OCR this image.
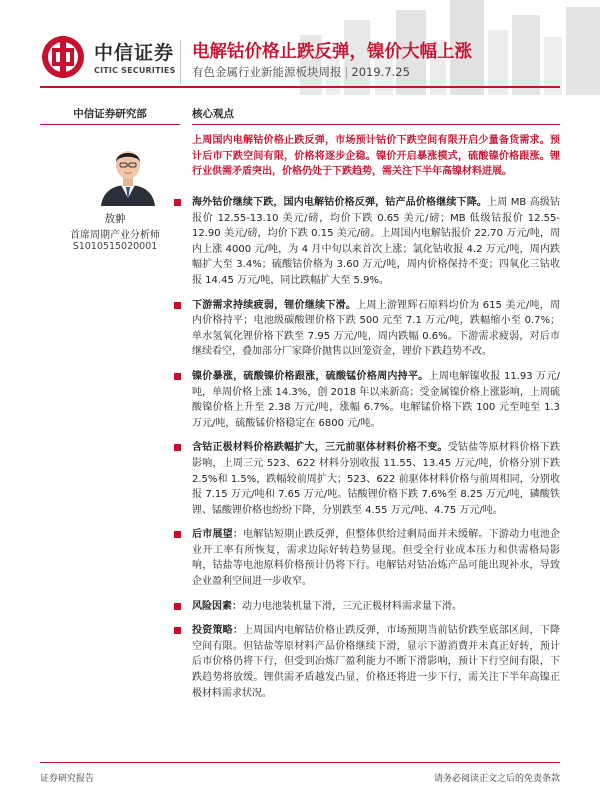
中信证券
CITIC SECURITIES
电解钴价格止跌反弹，镍价大幅上涨
有色金属行业新能源板块周报 | 2019.7.25
中信证券研究部
敖翀
首席周期产业分析师
S1010515020001
核心观点
上周国内电解钴价格止跌反弹，市场预计钴价下跌空间有限开启少量备货需求。预计后市下跌空间有限，价格将逐步企稳。镍价开启暴涨模式，硫酸镍价格跟涨。锂行业供需矛盾突出，价格仍处于下跌趋势，需关注下半年高镍材料进展。
海外钴价继续下跌，国内电解钴价格反弹，钴产品价格继续下降。上周 MB 高级钴报价 12.55-13.10 美元/磅，均价下跌 0.65 美元/磅；MB 低级钴报价 12.55-12.90 美元/磅，均价下跌 0.15 美元/磅。上周国内电解钴报价 22.70 万元/吨，周内上涨 4000 元/吨，为 4 月中旬以来首次上涨；氯化钴收报 4.2 万元/吨，周内跌幅扩大至 3.4%；硫酸钴价格为 3.60 万元/吨，周内价格保持不变；四氧化三钴收报 14.45 万元/吨，同比跌幅扩大至 5.9%。
下游需求持续疲弱，锂价继续下滑。上周上游锂辉石原料均价为 615 美元/吨，周内价格持平；电池级碳酸锂价格下跌 500 元至 7.1 万元/吨，跌幅缩小至 0.7%；单水氢氧化锂价格下跌至 7.95 万元/吨，周内跌幅 0.6%。下游需求疲弱，对后市继续看空，叠加部分厂家降价抛售以回笼资金，锂价下跌趋势不改。
镍价暴涨，硫酸镍价格跟涨，硫酸锰价格周内持平。上周电解镍收报 11.93 万元/吨，单周价格上涨 14.3%，创 2018 年以来新高；受金属镍价格上涨影响，上周硫酸镍价格上升至 2.38 万元/吨，涨幅 6.7%。电解锰价格下跌 100 元至吨至 1.3 万元/吨，硫酸锰价格稳定在 6800 元/吨。
含钴正极材料价格跌幅扩大，三元前驱体材料价格不变。受钴盐等原材料价格下跌影响，上周三元 523、622 材料分别收报 11.55、13.45 万元/吨，价格分别下跌 2.5%和 1.5%，跌幅较前周扩大；523、622 前驱体材料价格与前周相同，分别收报 7.15 万元/吨和 7.65 万元/吨。钴酸锂价格下跌 7.6%至 8.25 万元/吨，磷酸铁锂、锰酸锂价格也纷纷下降，分别跌至 4.55 万元/吨、4.75 万元/吨。
后市展望：电解钴短期止跌反弹，但整体供给过剩局面并未缓解。下游动力电池企业开工率有所恢复，需求边际好转趋势显现。但受全行业成本压力和供需格局影响，钴盐等电池原料价格预计仍将下行。电解钴对钴冶炼产品可能出现补水，导致企业盈利空间进一步收窄。
风险因素：动力电池装机量下滑，三元正极材料需求量下滑。
投资策略：上周国内电解钴价格止跌反弹，市场预期当前钴价跌至底部区间，下降空间有限。但钴盐等原材料产品价格继续下滑，显示下游消费并未真正好转，预计后市价格仍将下行，但受到冶炼厂盈利能力不断下滑影响，预计下行空间有限，下跌趋势将放缓。锂供需矛盾越发凸显，价格还将进一步下行，需关注下半年高镍正极材料需求状况。
证券研究报告	请务必阅读正文之后的免责条款
